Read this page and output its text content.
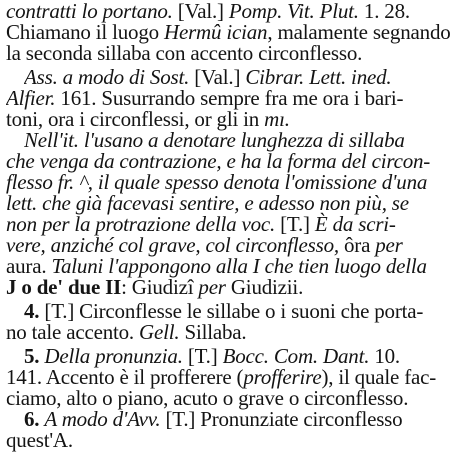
contratti lo portano. [Val.] Pomp. Vit. Plut. 1. 28.
Chiamano il luogo Hermû ician, malamente segnando
la seconda sillaba con accento circonflesso.
Ass. a modo di Sost. [Val.] Cibrar. Lett. ined.
Alfier. 161. Susurrando sempre fra me ora i bari-
toni, ora i circonflessi, or gli in mı.
Nell'it. l'usano a denotare lunghezza di sillaba
che venga da contrazione, e ha la forma del circon-
flesso fr. ^, il quale spesso denota l'omissione d'una
lett. che già facevasi sentire, e adesso non più, se
non per la protrazione della voc. [T.] È da scri-
vere, anziché col grave, col circonflesso, ôra per
aura. Taluni l'appongono alla I che tien luogo della
J o de' due II: Giudizî per Giudizii.
4. [T.] Circonflesse le sillabe o i suoni che porta-
no tale accento. Gell. Sillaba.
5. Della pronunzia. [T.] Bocc. Com. Dant. 10.
141. Accento è il profferere (profferire), il quale fac-
ciamo, alto o piano, acuto o grave o circonflesso.
6. A modo d'Avv. [T.] Pronunziate circonflesso
quest'A.
